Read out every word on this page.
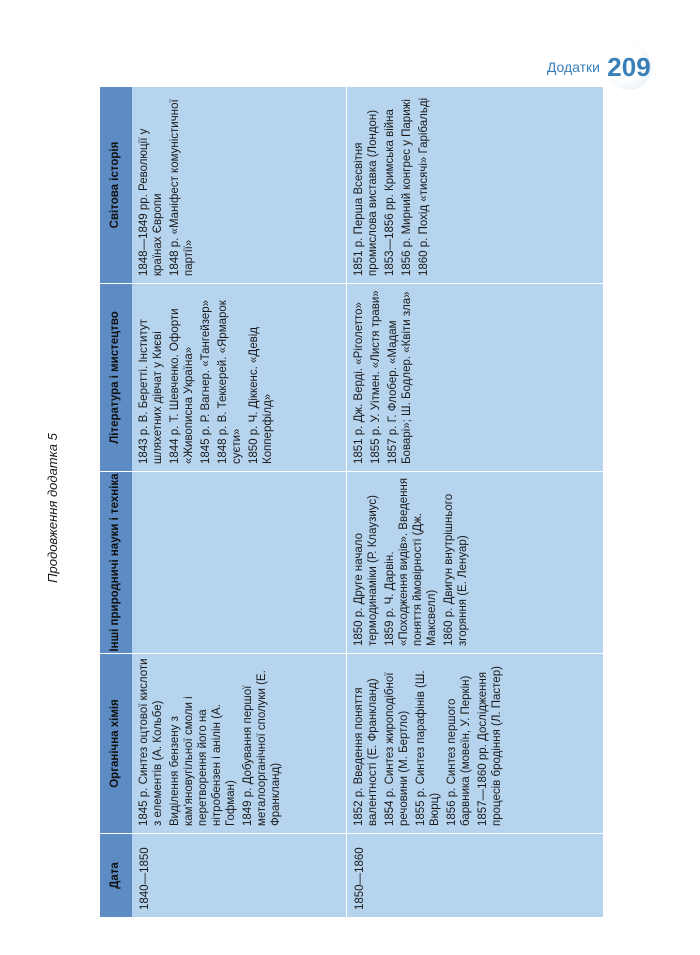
Додатки 209
Продовження додатка 5
Дата
Органічна хімія
Інші природничі науки і техніка
Література і мистецтво
Світова історія
1840—1850

1845 р. Синтез оцтової кислоти з елементів (А. Кольбе) Виділення бензену з кам'яновугільної смоли і перетворення його на нітробензен і анілін (А. Гофман) 1849 р. Добування першої металоорганічної сполуки (Е. Франкланд)

1843 р. В. Беретті. Інститут шляхетних дівчат у Києві 1844 р. Т. Шевченко. Офорти «Живописна Україна» 1845 р. Р. Вагнер. «Тангейзер» 1848 р. В. Теккерей. «Ярмарок суєти» 1850 р. Ч. Діккенс. «Девід Копперфілд»

1848—1849 рр. Революції у країнах Європи 1848 р. «Маніфест комуністичної партії»

1850—1860

1852 р. Введення поняття валентності (Е. Франкланд) 1854 р. Синтез жироподібної речовини (М. Бертло) 1855 р. Синтез парафінів (Ш. Вюрц) 1856 р. Синтез першого барвника (мовеїн, У. Перкін) 1857—1860 рр. Дослідження процесів бродіння (Л. Пастер)

1850 р. Друге начало термодинаміки (Р. Клаузиус) 1859 р. Ч. Дарвін. «Походження видів». Введення поняття ймовірності (Дж. Максвелл) 1860 р. Двигун внутрішнього згоряння (Е. Ленуар)

1851 р. Дж. Верді. «Ріголетто» 1855 р. У. Уітмен. «Листя трави» 1857 р. Г. Флобер. «Мадам Боварі»; Ш. Бодлер. «Квіти зла»

1851 р. Перша Всесвітня промислова виставка (Лондон) 1853—1856 рр. Кримська війна 1856 р. Мирний конгрес у Парижі 1860 р. Похід «тисячі» Гарібальді
